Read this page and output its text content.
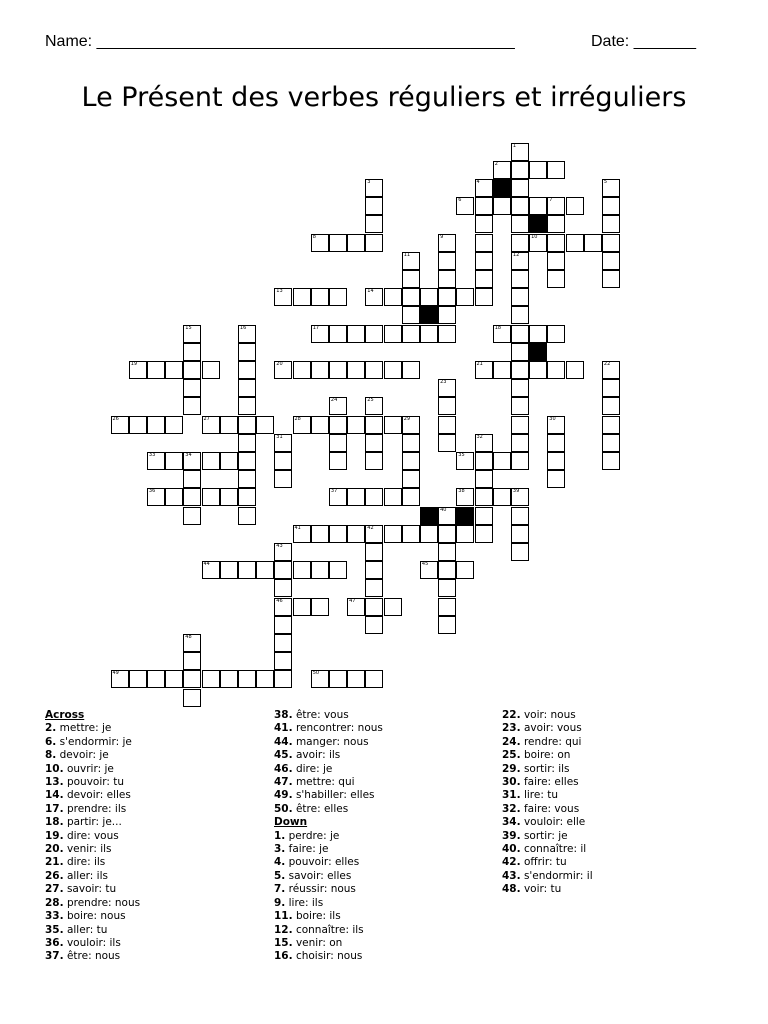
Name: _______________________________________________	Date: _______
Le Présent des verbes réguliers et irréguliers
1
2
3	4	5
6	7
8	9	10
11	12
13	14
15	16	17	18
19	20	21	22
23
24	25
26	27	28	29	30
31	32
33	34	35
36	37	38	39
40
41	42
43
46
44	45
47
48
49	50
Across
2. mettre: je
6. s'endormir: je
8. devoir: je
10. ouvrir: je
13. pouvoir: tu
14. devoir: elles
17. prendre: ils
18. partir: je...
19. dire: vous
20. venir: ils
21. dire: ils
26. aller: ils
27. savoir: tu
28. prendre: nous
33. boire: nous
35. aller: tu
36. vouloir: ils
37. être: nous
38. être: vous
41. rencontrer: nous
44. manger: nous
45. avoir: ils
46. dire: je
47. mettre: qui
49. s'habiller: elles
50. être: elles
Down
1. perdre: je
3. faire: je
4. pouvoir: elles
5. savoir: elles
7. réussir: nous
9. lire: ils
11. boire: ils
12. connaître: ils
15. venir: on
16. choisir: nous
22. voir: nous
23. avoir: vous
24. rendre: qui
25. boire: on
29. sortir: ils
30. faire: elles
31. lire: tu
32. faire: vous
34. vouloir: elle
39. sortir: je
40. connaître: il
42. offrir: tu
43. s'endormir: il
48. voir: tu
